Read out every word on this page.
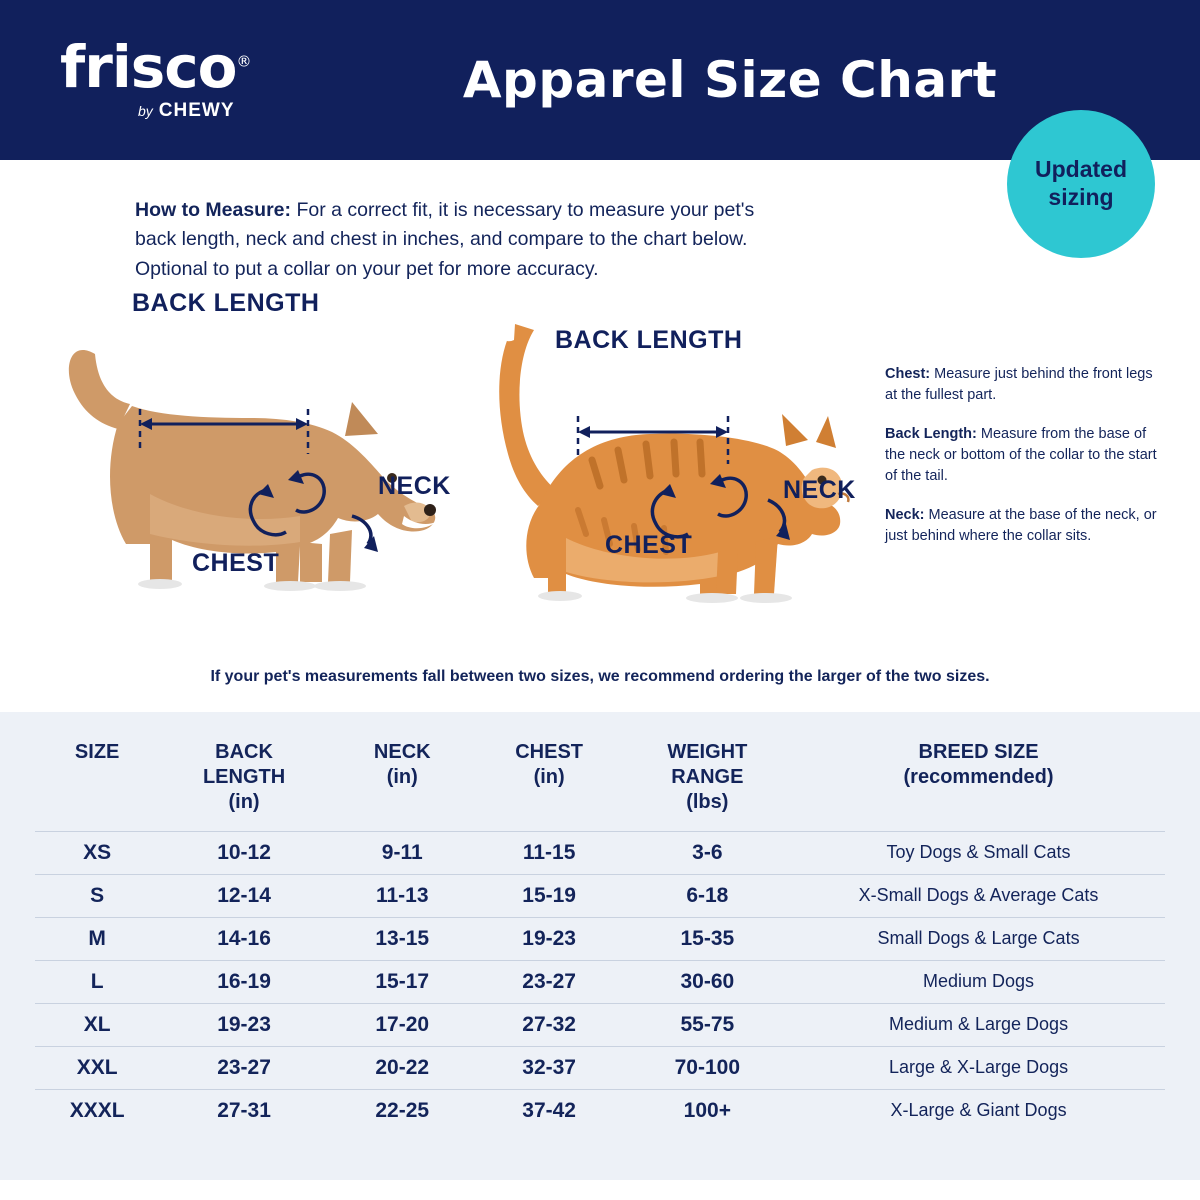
frisco®
by CHEWY
Apparel Size Chart
Updated
sizing
How to Measure: For a correct fit, it is necessary to measure your pet's back length, neck and chest in inches, and compare to the chart below. Optional to put a collar on your pet for more accuracy.
BACK LENGTH
NECK
CHEST
BACK LENGTH
NECK
CHEST

Chest: Measure just behind the front legs at the fullest part.

Back Length: Measure from the base of the neck or bottom of the collar to the start of the tail.

Neck: Measure at the base of the neck, or just behind where the collar sits.

If your pet's measurements fall between two sizes, we recommend ordering the larger of the two sizes.
SIZE	BACK
LENGTH
(in)	NECK
(in)	CHEST
(in)	WEIGHT
RANGE
(lbs)	BREED SIZE
(recommended)

XS	10-12	9-11	11-15	3-6	Toy Dogs & Small Cats
S	12-14	11-13	15-19	6-18	X-Small Dogs & Average Cats
M	14-16	13-15	19-23	15-35	Small Dogs & Large Cats
L	16-19	15-17	23-27	30-60	Medium Dogs
XL	19-23	17-20	27-32	55-75	Medium & Large Dogs
XXL	23-27	20-22	32-37	70-100	Large & X-Large Dogs
XXXL	27-31	22-25	37-42	100+	X-Large & Giant Dogs
